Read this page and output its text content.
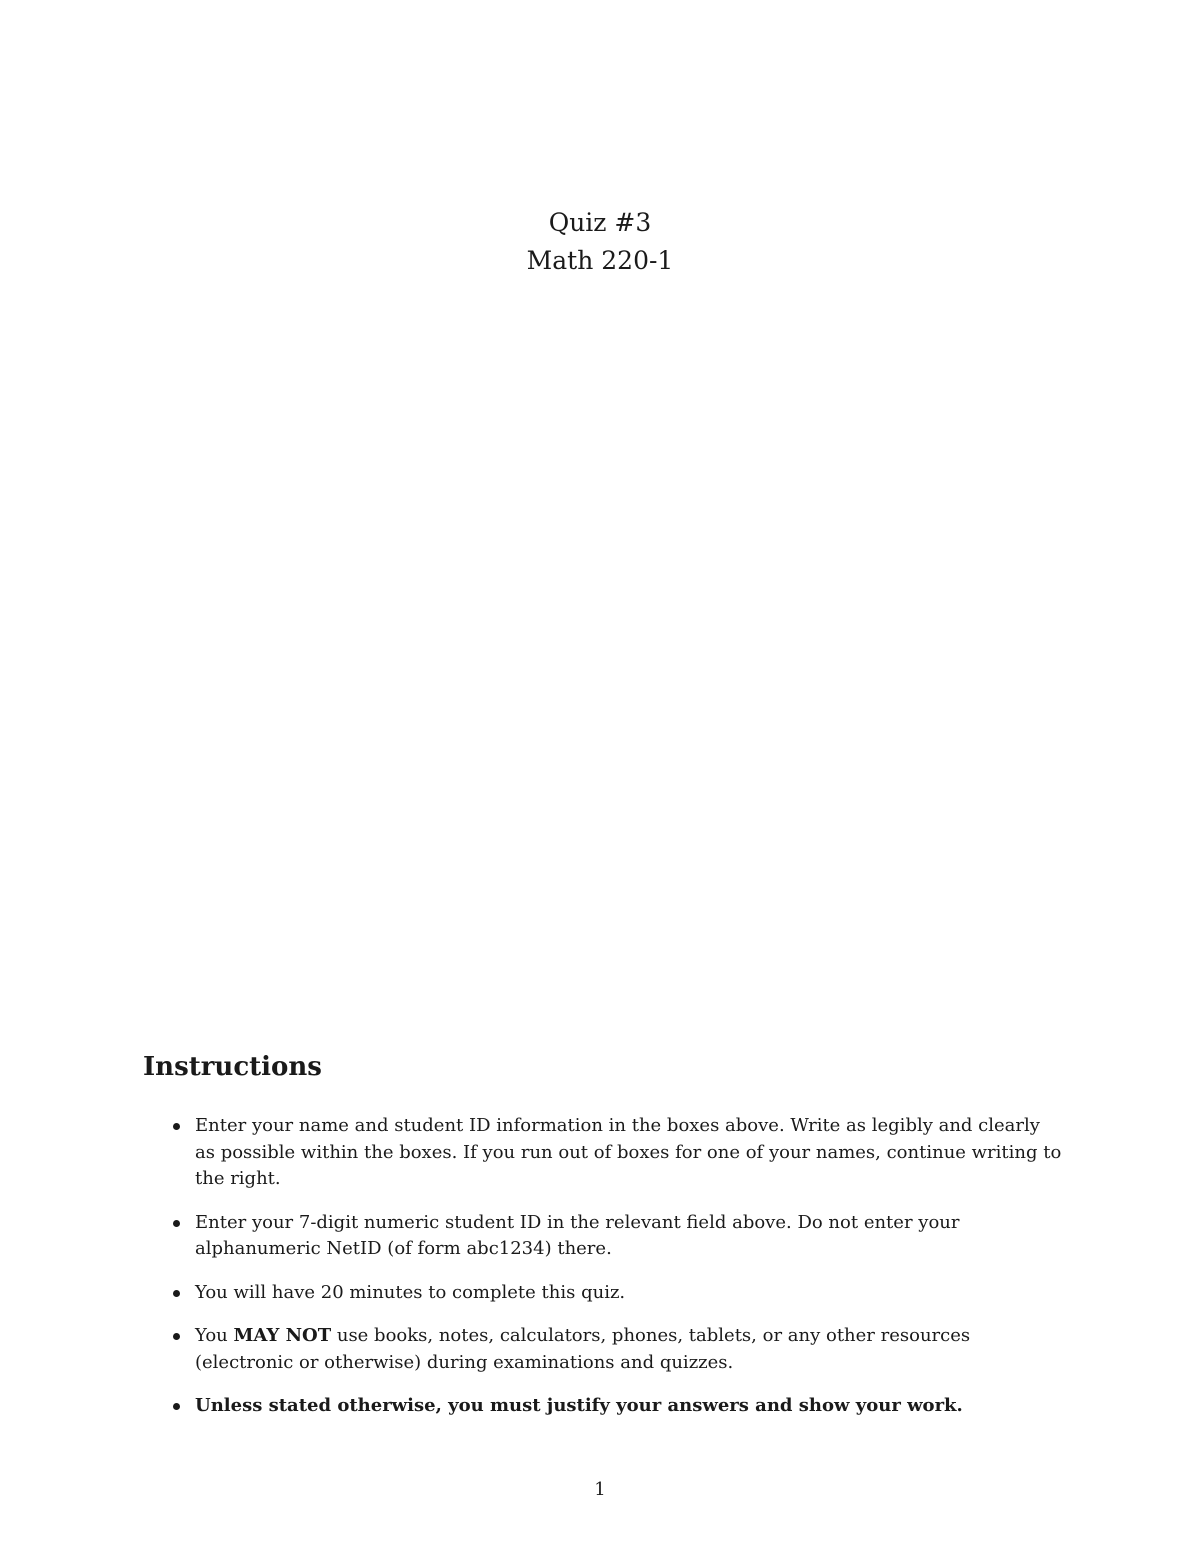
Quiz #3
Math 220-1
Instructions
Enter your name and student ID information in the boxes above. Write as legibly and clearly as possible within the boxes. If you run out of boxes for one of your names, continue writing to the right.
Enter your 7-digit numeric student ID in the relevant field above. Do not enter your alphanumeric NetID (of form abc1234) there.
You will have 20 minutes to complete this quiz.
You MAY NOT use books, notes, calculators, phones, tablets, or any other resources (electronic or otherwise) during examinations and quizzes.
Unless stated otherwise, you must justify your answers and show your work.
1
